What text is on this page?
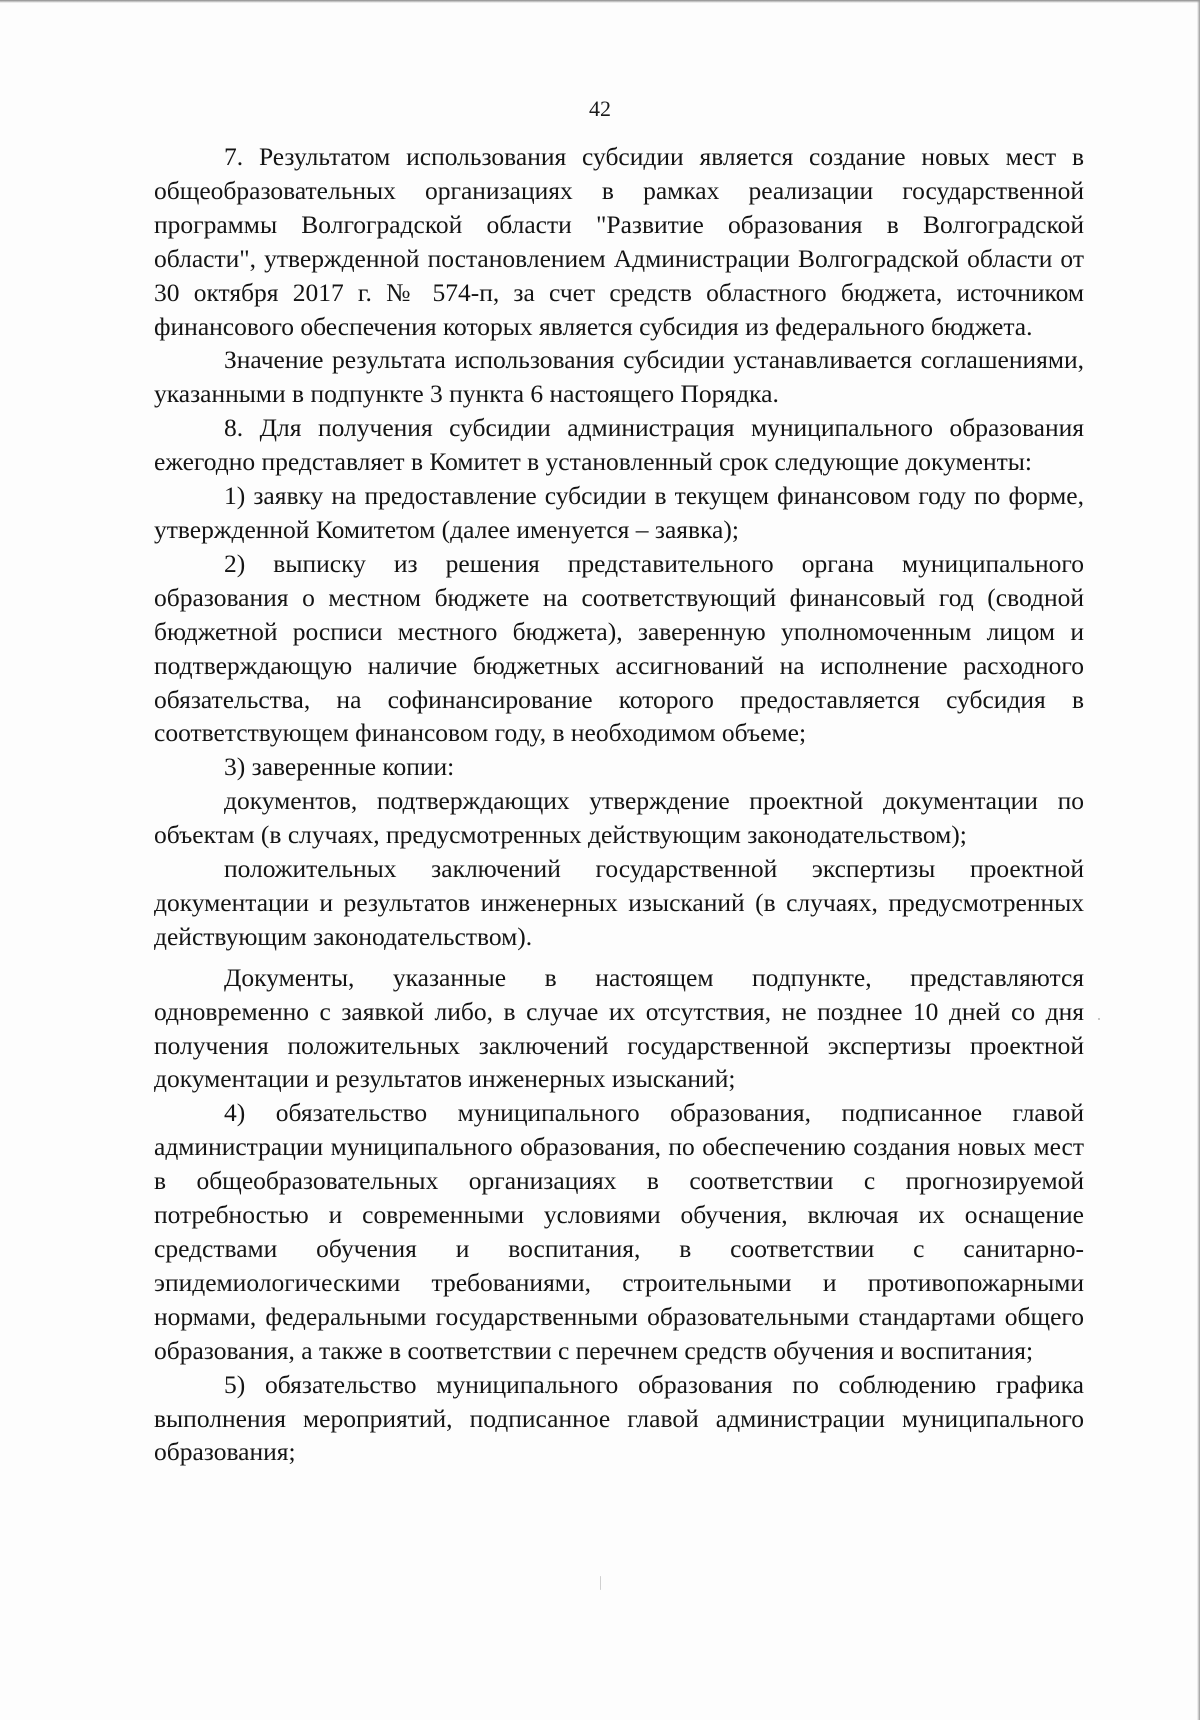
42

7. Результатом использования субсидии является создание новых мест в общеобразовательных организациях в рамках реализации государственной программы Волгоградской области "Развитие образования в Волгоградской области", утвержденной постановлением Администрации Волгоградской области от 30 октября 2017 г. № 574-п, за счет средств областного бюджета, источником финансового обеспечения которых является субсидия из федерального бюджета.

Значение результата использования субсидии устанавливается соглашениями, указанными в подпункте 3 пункта 6 настоящего Порядка.

8. Для получения субсидии администрация муниципального образования ежегодно представляет в Комитет в установленный срок следующие документы:

1) заявку на предоставление субсидии в текущем финансовом году по форме, утвержденной Комитетом (далее именуется – заявка);

2) выписку из решения представительного органа муниципального образования о местном бюджете на соответствующий финансовый год (сводной бюджетной росписи местного бюджета), заверенную уполномоченным лицом и подтверждающую наличие бюджетных ассигнований на исполнение расходного обязательства, на софинансирование которого предоставляется субсидия в соответствующем финансовом году, в необходимом объеме;

3) заверенные копии:

документов, подтверждающих утверждение проектной документации по объектам (в случаях, предусмотренных действующим законодательством);

положительных заключений государственной экспертизы проектной документации и результатов инженерных изысканий (в случаях, предусмотренных действующим законодательством).

Документы, указанные в настоящем подпункте, представляются одновременно с заявкой либо, в случае их отсутствия, не позднее 10 дней со дня получения положительных заключений государственной экспертизы проектной документации и результатов инженерных изысканий;

4) обязательство муниципального образования, подписанное главой администрации муниципального образования, по обеспечению создания новых мест в общеобразовательных организациях в соответствии с прогнозируемой потребностью и современными условиями обучения, включая их оснащение средствами обучения и воспитания, в соответствии с санитарно-эпидемиологическими требованиями, строительными и противопожарными нормами, федеральными государственными образовательными стандартами общего образования, а также в соответствии с перечнем средств обучения и воспитания;

5) обязательство муниципального образования по соблюдению графика выполнения мероприятий, подписанное главой администрации муниципального образования;
